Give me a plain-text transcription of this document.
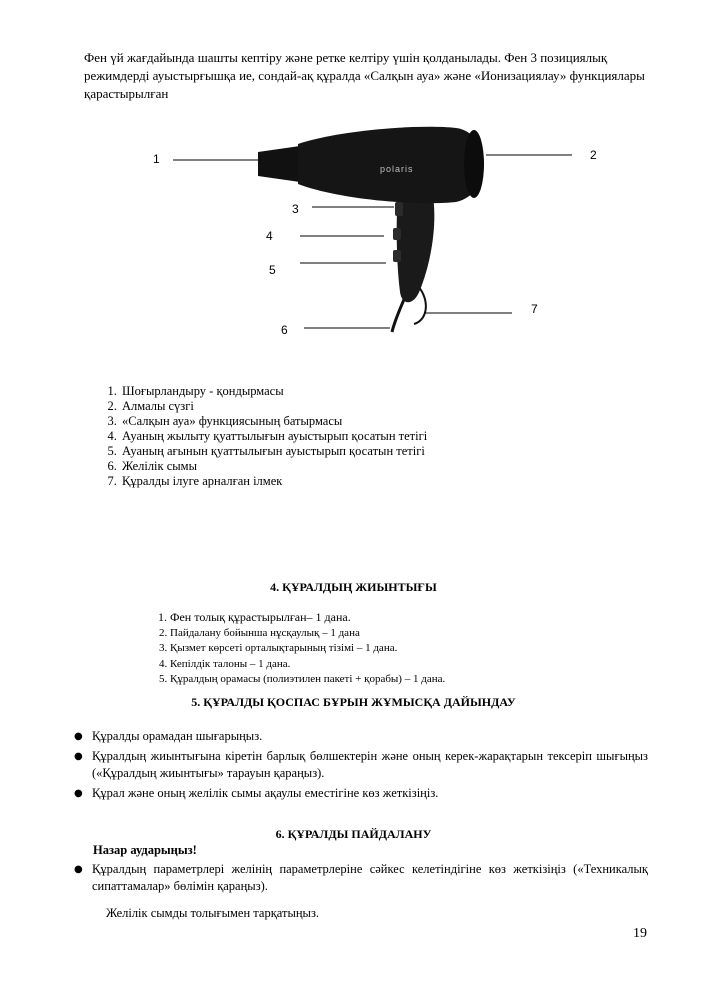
Фен үй жағдайында шашты кептіру және ретке келтіру үшін қолданылады. Фен 3 позициялық режимдерді ауыстырғышқа ие, сондай-ақ құралда «Салқын ауа» және «Ионизациялау» функциялары қарастырылған
polaris
1	2
3
4
5
6
7
1. Шоғырландыру - қондырмасы
2. Алмалы сүзгі
3. «Салқын ауа» функциясының батырмасы
4. Ауаның жылыту қуаттылығын ауыстырып қосатын тетігі
5. Ауаның ағынын қуаттылығын ауыстырып қосатын тетігі
6. Желілік сымы
7. Құралды ілуге арналған ілмек
4. ҚҰРАЛДЫҢ ЖИЫНТЫҒЫ
1. Фен толық құрастырылған– 1 дана.
2. Пайдалану бойынша нұсқаулық – 1 дана
3. Қызмет көрсеті орталықтарының тізімі – 1 дана.
4. Кепілдік талоны – 1 дана.
5. Құралдың орамасы (полиэтилен пакеті + қорабы) – 1 дана.
5. ҚҰРАЛДЫ ҚОСПАС БҰРЫН ЖҰМЫСҚА ДАЙЫНДАУ
● Құралды орамадан шығарыңыз.
● Құралдың жиынтығына кіретін барлық бөлшектерін және оның керек-жарақтарын тексеріп шығыңыз («Құралдың жиынтығы» тарауын қараңыз).
● Құрал және оның желілік сымы ақаулы еместігіне көз жеткізіңіз.
6. ҚҰРАЛДЫ ПАЙДАЛАНУ
Назар аударыңыз!
● Құралдың параметрлері желінің параметрлеріне сәйкес келетіндігіне көз жеткізіңіз («Техникалық сипаттамалар» бөлімін қараңыз).
Желілік сымды толығымен тарқатыңыз.
19
